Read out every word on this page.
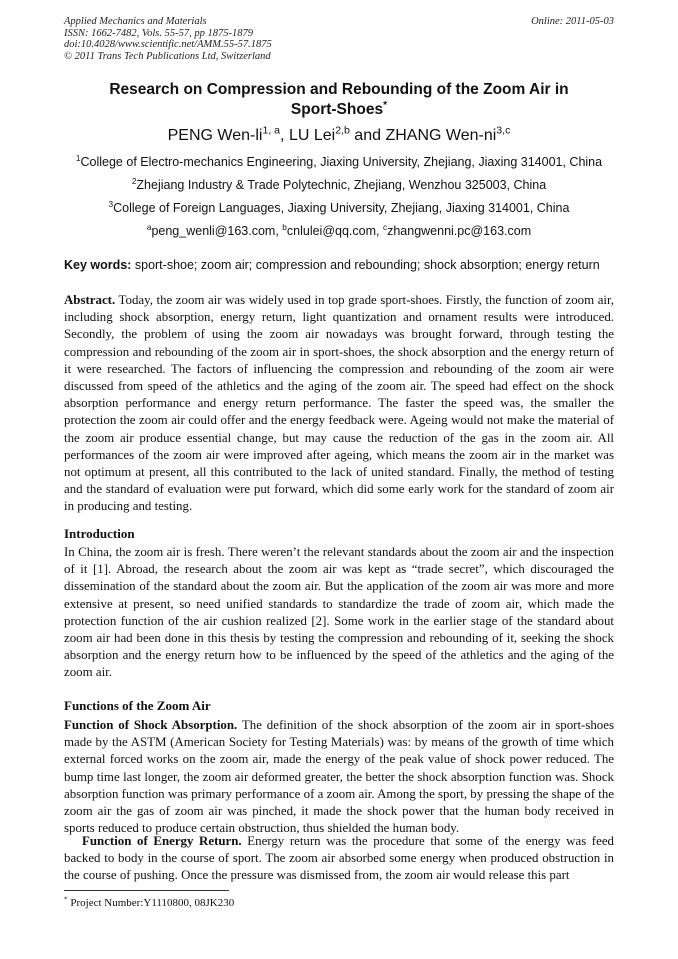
Applied Mechanics and Materials
ISSN: 1662-7482, Vols. 55-57, pp 1875-1879
doi:10.4028/www.scientific.net/AMM.55-57.1875
© 2011 Trans Tech Publications Ltd, Switzerland
Online: 2011-05-03
Research on Compression and Rebounding of the Zoom Air in
Sport-Shoes*
PENG Wen-li$^{1, a}$, LU Lei$^{2,b}$ and ZHANG Wen-ni$^{3,c}$
$^1$College of Electro-mechanics Engineering, Jiaxing University, Zhejiang, Jiaxing 314001, China
$^2$Zhejiang Industry & Trade Polytechnic, Zhejiang, Wenzhou 325003, China
$^3$College of Foreign Languages, Jiaxing University, Zhejiang, Jiaxing 314001, China
$^a$peng_wenli@163.com, $^b$cnlulei@qq.com, $^c$zhangwenni.pc@163.com
Key words: sport-shoe; zoom air; compression and rebounding; shock absorption; energy return
Abstract. Today, the zoom air was widely used in top grade sport-shoes. Firstly, the function of zoom air, including shock absorption, energy return, light quantization and ornament results were introduced. Secondly, the problem of using the zoom air nowadays was brought forward, through testing the compression and rebounding of the zoom air in sport-shoes, the shock absorption and the energy return of it were researched. The factors of influencing the compression and rebounding of the zoom air were discussed from speed of the athletics and the aging of the zoom air. The speed had effect on the shock absorption performance and energy return performance. The faster the speed was, the smaller the protection the zoom air could offer and the energy feedback were. Ageing would not make the material of the zoom air produce essential change, but may cause the reduction of the gas in the zoom air. All performances of the zoom air were improved after ageing, which means the zoom air in the market was not optimum at present, all this contributed to the lack of united standard. Finally, the method of testing and the standard of evaluation were put forward, which did some early work for the standard of zoom air in producing and testing.
Introduction
In China, the zoom air is fresh. There weren’t the relevant standards about the zoom air and the inspection of it [1]. Abroad, the research about the zoom air was kept as “trade secret”, which discouraged the dissemination of the standard about the zoom air. But the application of the zoom air was more and more extensive at present, so need unified standards to standardize the trade of zoom air, which made the protection function of the air cushion realized [2]. Some work in the earlier stage of the standard about zoom air had been done in this thesis by testing the compression and rebounding of it, seeking the shock absorption and the energy return how to be influenced by the speed of the athletics and the aging of the zoom air.
Functions of the Zoom Air
Function of Shock Absorption. The definition of the shock absorption of the zoom air in sport-shoes made by the ASTM (American Society for Testing Materials) was: by means of the growth of time which external forced works on the zoom air, made the energy of the peak value of shock power reduced. The bump time last longer, the zoom air deformed greater, the better the shock absorption function was. Shock absorption function was primary performance of a zoom air. Among the sport, by pressing the shape of the zoom air the gas of zoom air was pinched, it made the shock power that the human body received in sports reduced to produce certain obstruction, thus shielded the human body.
Function of Energy Return. Energy return was the procedure that some of the energy was feed backed to body in the course of sport. The zoom air absorbed some energy when produced obstruction in the course of pushing. Once the pressure was dismissed from, the zoom air would release this part
* Project Number:Y1110800, 08JK230
